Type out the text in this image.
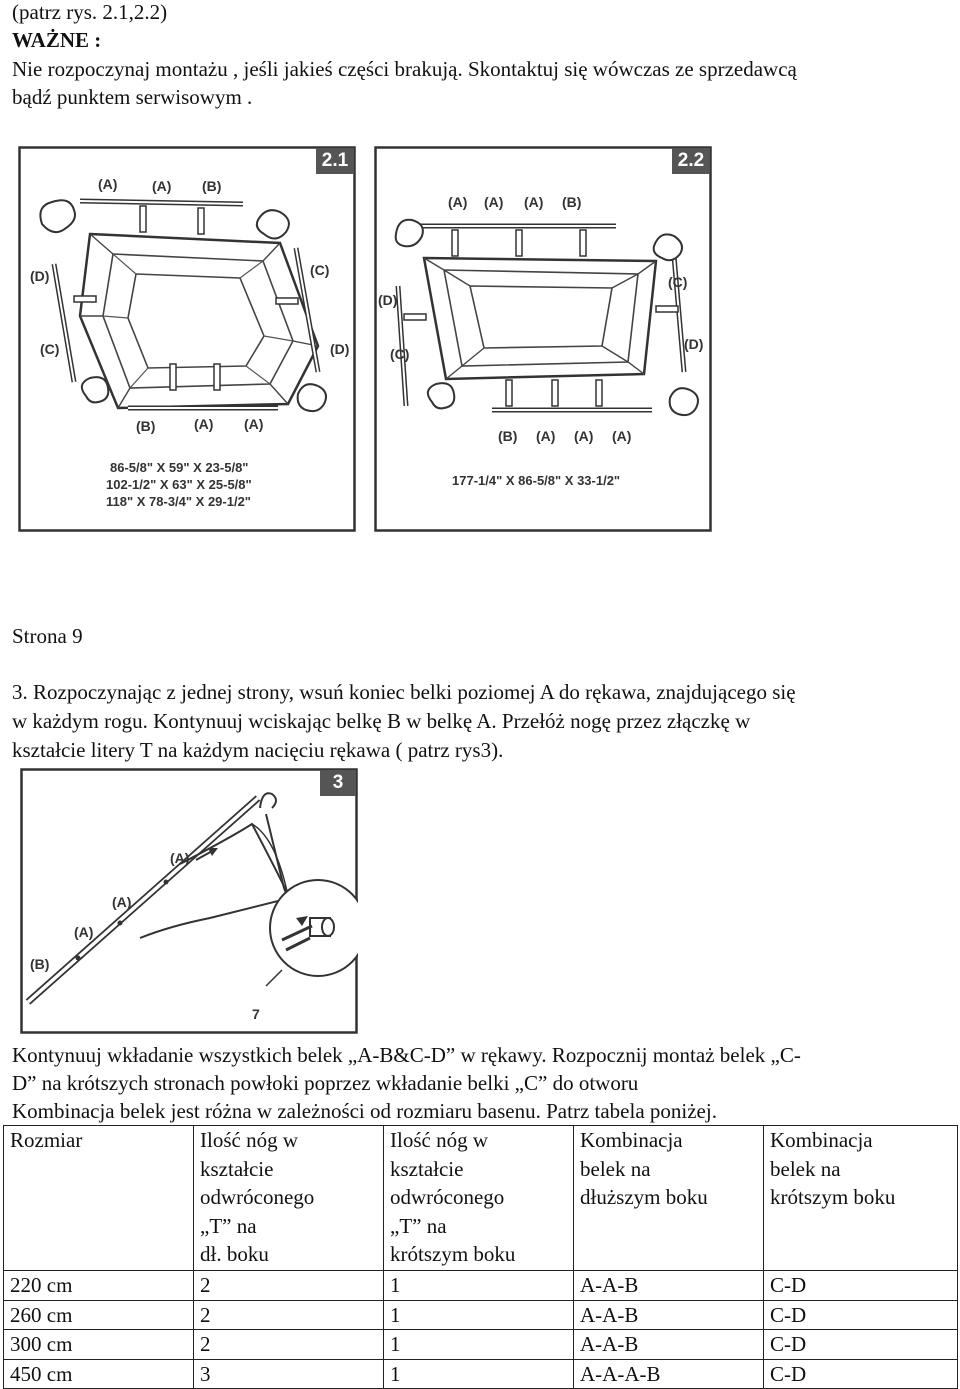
(patrz rys. 2.1,2.2)
WAŻNE :
Nie rozpoczynaj montażu , jeśli jakieś części brakują. Skontaktuj się wówczas ze sprzedawcą
bądź punktem serwisowym .
2.1
(A) (A) (B)
(D)
(C)
(C)
(D)
(B)	(A) (A)
86-5/8" X 59" X 23-5/8"
102-1/2" X 63" X 25-5/8"
118" X 78-3/4" X 29-1/2"
2.2
(A) (A) (A) (B)
(D)
(C)
(C)
(D)
(B) (A) (A) (A)
177-1/4" X 86-5/8" X 33-1/2"
Strona 9
3. Rozpoczynając z jednej strony, wsuń koniec belki poziomej A do rękawa, znajdującego się
w każdym rogu. Kontynuuj wciskając belkę B w belkę A. Przełóż nogę przez złączkę w
kształcie litery T na każdym nacięciu rękawa ( patrz rys3).
3
(A)
(A)
(A)
(B)
7
Kontynuuj wkładanie wszystkich belek „A-B&C-D” w rękawy. Rozpocznij montaż belek „C-
D” na krótszych stronach powłoki poprzez wkładanie belki „C” do otworu
Kombinacja belek jest różna w zależności od rozmiaru basenu. Patrz tabela poniżej.
Rozmiar	Ilość nóg w
kształcie
odwróconego
„T” na
dł. boku	Ilość nóg w
kształcie
odwróconego
„T” na
krótszym boku	Kombinacja
belek na
dłuższym boku	Kombinacja
belek na
krótszym boku
220 cm	2	1	A-A-B	C-D
260 cm	2	1	A-A-B	C-D
300 cm	2	1	A-A-B	C-D
450 cm	3	1	A-A-A-B	C-D
